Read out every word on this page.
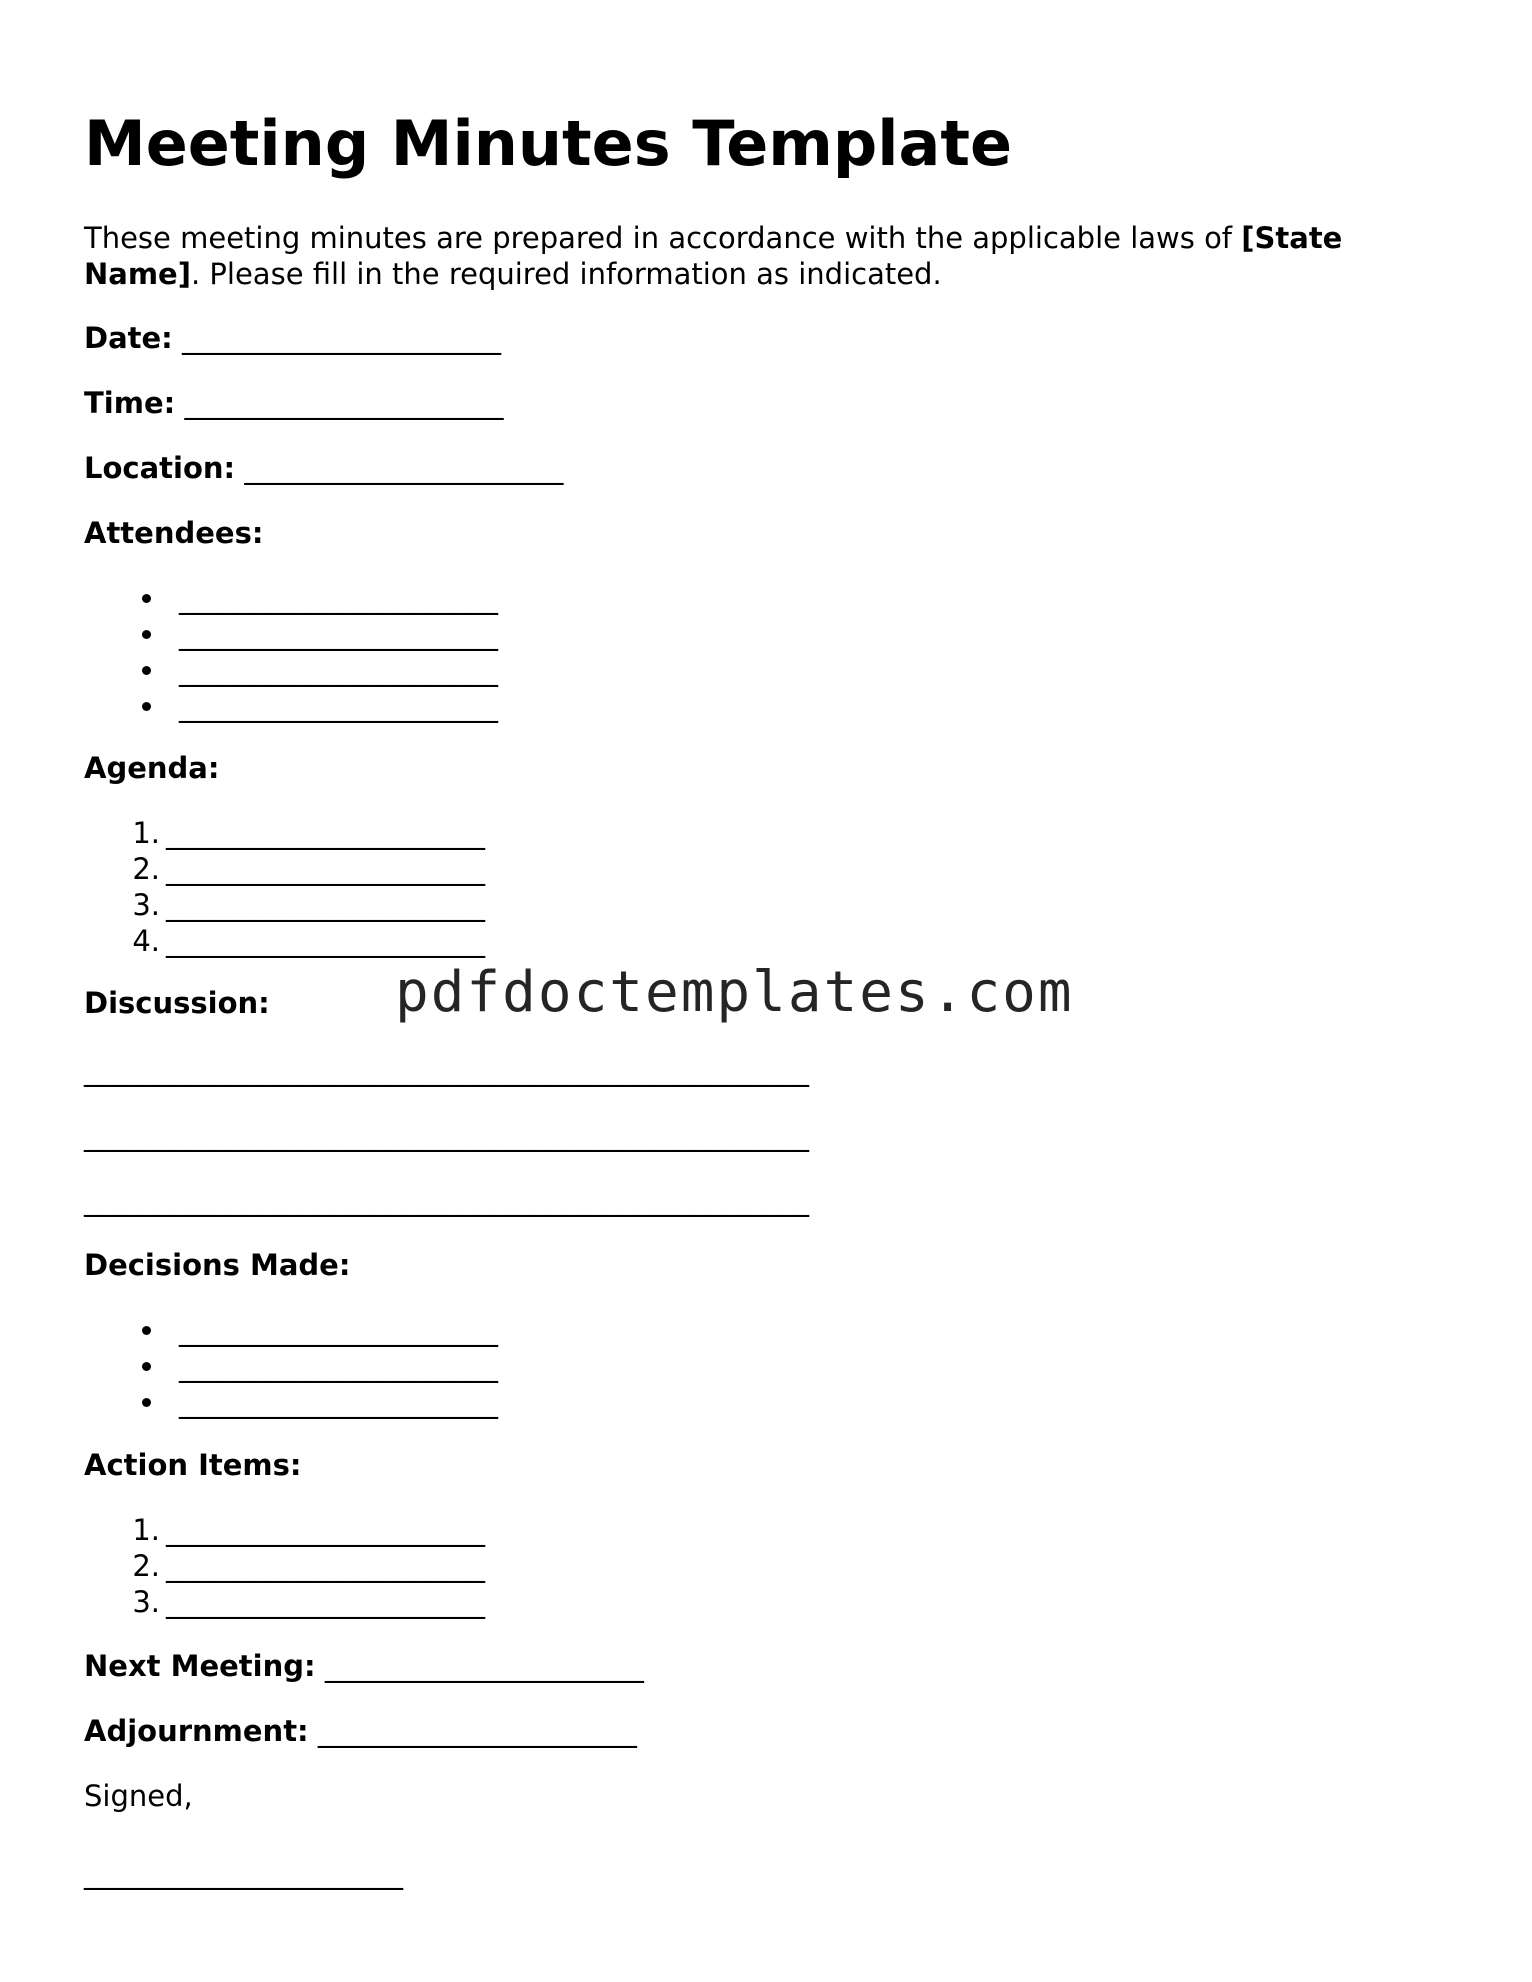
Meeting Minutes Template

These meeting minutes are prepared in accordance with the applicable laws of [State Name]. Please fill in the required information as indicated.

Date: ______________________

Time: ______________________

Location: ______________________

Attendees:

______________________
______________________
______________________
______________________

Agenda:

1. ______________________
2. ______________________
3. ______________________
4. ______________________

Discussion:

__________________________________________________

__________________________________________________

__________________________________________________

Decisions Made:

______________________
______________________
______________________

Action Items:

1. ______________________
2. ______________________
3. ______________________

Next Meeting: ______________________

Adjournment: ______________________

Signed,

______________________

pdfdoctemplates.com
